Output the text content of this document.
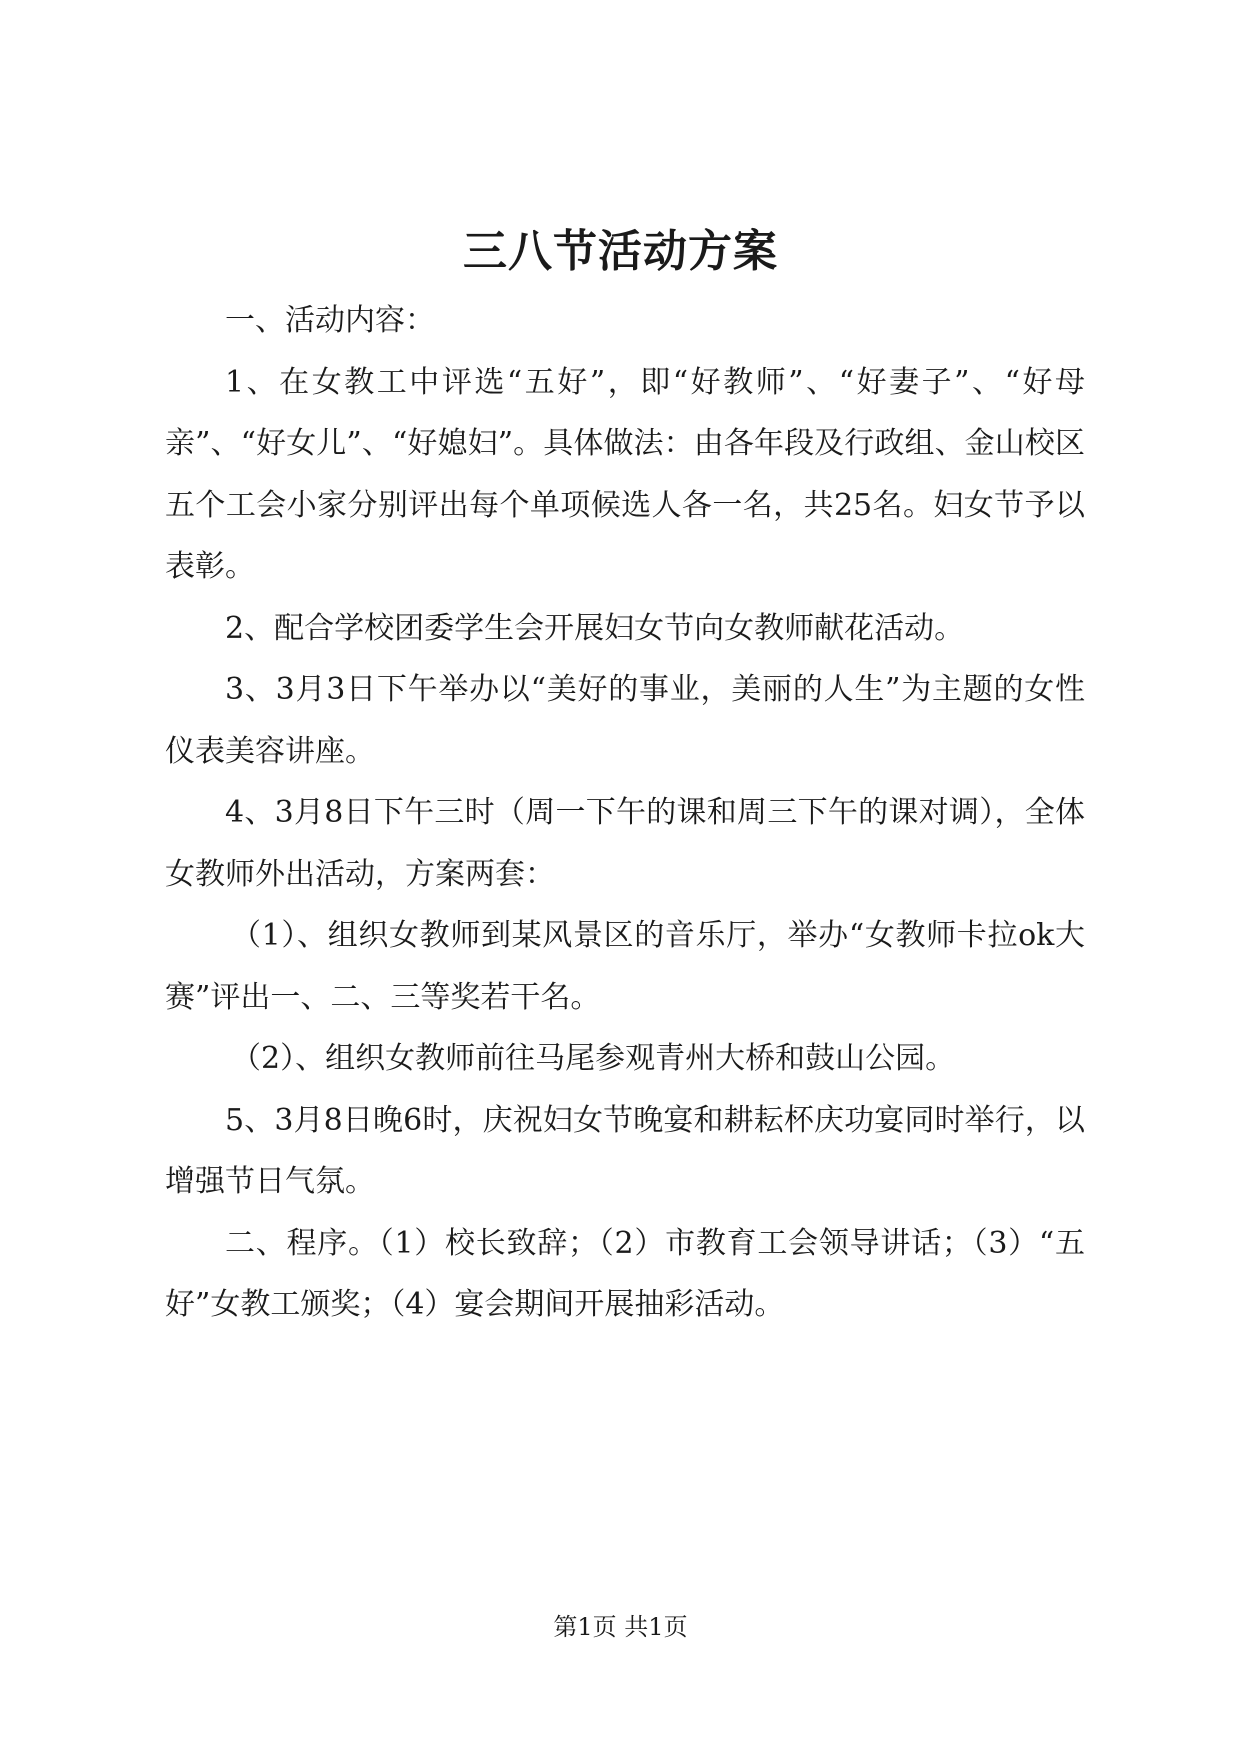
三八节活动方案

一、活动内容：

1、在女教工中评选“五好”，即“好教师”、“好妻子”、“好母亲”、“好女儿”、“好媳妇”。具体做法：由各年段及行政组、金山校区五个工会小家分别评出每个单项候选人各一名，共25名。妇女节予以表彰。

2、配合学校团委学生会开展妇女节向女教师献花活动。

3、3月3日下午举办以“美好的事业，美丽的人生”为主题的女性仪表美容讲座。

4、3月8日下午三时（周一下午的课和周三下午的课对调），全体女教师外出活动，方案两套：

（1）、组织女教师到某风景区的音乐厅，举办“女教师卡拉ok大赛”评出一、二、三等奖若干名。

（2）、组织女教师前往马尾参观青州大桥和鼓山公园。

5、3月8日晚6时，庆祝妇女节晚宴和耕耘杯庆功宴同时举行，以增强节日气氛。

二、程序。（1）校长致辞；（2）市教育工会领导讲话；（3）“五好”女教工颁奖；（4）宴会期间开展抽彩活动。

第1页 共1页
